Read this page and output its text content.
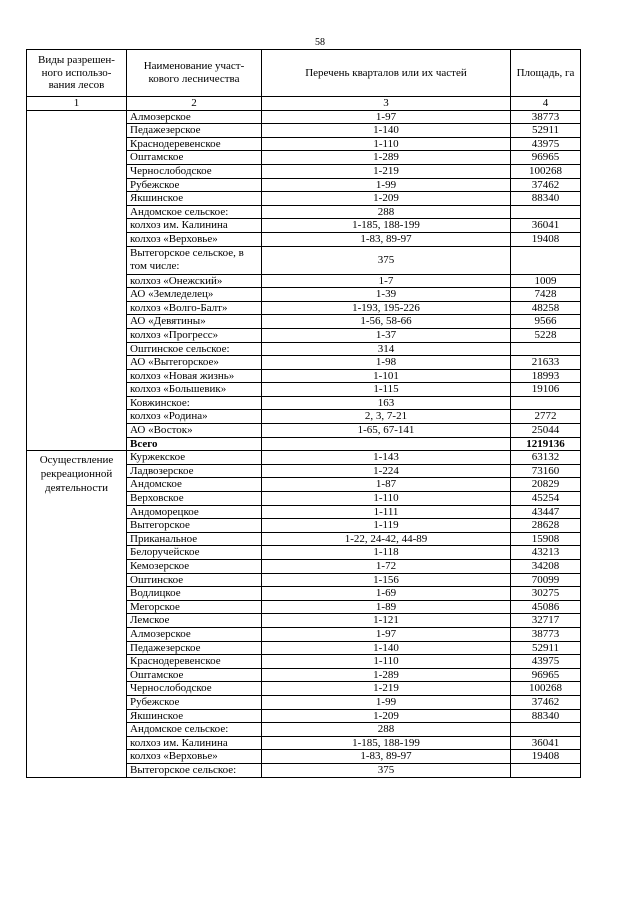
58
Виды разрешен-ного использо-вания лесов	Наименование участ-кового лесничества	Перечень кварталов или их частей	Площадь, га
1	2	3	4
	Алмозерское	1-97	38773
	Педажезерское	1-140	52911
	Краснодеревенское	1-110	43975
	Оштамское	1-289	96965
	Чернослободское	1-219	100268
	Рубежское	1-99	37462
	Якшинское	1-209	88340
	Андомское сельское:	288	
	колхоз им. Калинина	1-185, 188-199	36041
	колхоз «Верховье»	1-83, 89-97	19408
	Вытегорское сельское, в том числе:	375	
	колхоз «Онежский»	1-7	1009
	АО «Земледелец»	1-39	7428
	колхоз «Волго-Балт»	1-193, 195-226	48258
	АО «Девятины»	1-56, 58-66	9566
	колхоз «Прогресс»	1-37	5228
	Оштинское сельское:	314	
	АО «Вытегорское»	1-98	21633
	колхоз «Новая жизнь»	1-101	18993
	колхоз «Большевик»	1-115	19106
	Ковжинское:	163	
	колхоз «Родина»	2, 3, 7-21	2772
	АО «Восток»	1-65, 67-141	25044
	Всего		1219136
Осуществление рекреационной деятельности	Куржекское	1-143	63132
	Ладвозерское	1-224	73160
	Андомское	1-87	20829
	Верховское	1-110	45254
	Андоморецкое	1-111	43447
	Вытегорское	1-119	28628
	Приканальное	1-22, 24-42, 44-89	15908
	Белоручейское	1-118	43213
	Кемозерское	1-72	34208
	Оштинское	1-156	70099
	Водлицкое	1-69	30275
	Мегорское	1-89	45086
	Лемское	1-121	32717
	Алмозерское	1-97	38773
	Педажезерское	1-140	52911
	Краснодеревенское	1-110	43975
	Оштамское	1-289	96965
	Чернослободское	1-219	100268
	Рубежское	1-99	37462
	Якшинское	1-209	88340
	Андомское сельское:	288	
	колхоз им. Калинина	1-185, 188-199	36041
	колхоз «Верховье»	1-83, 89-97	19408
	Вытегорское сельское:	375	
